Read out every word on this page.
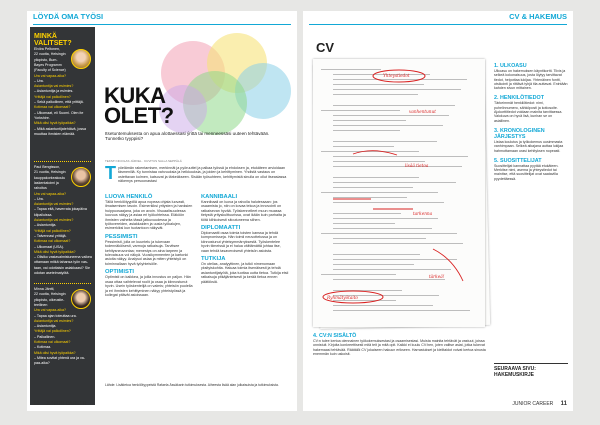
LÖYDÄ OMA TYÖSI
MINKÄ VALITSET?
Elviira Peltonen,
22 vuotta, Helsingin
yliopisto, Bum-
Bayes Programm
(Faculty of Science)
Ura vai vapaa-aika?
– Ura.
Asiantuntija vai esimies?
– Asiantuntija ja esimies.
Yrittäjä vai palkollinen?
– Sekä palkollinen, että yrittäjä.
Kotimaa vai ulkomaat?
– Ulkomaat, eli Suomi. Olen ite
Yorkshire.
Mikä olisi hyvä työpaikka?
– Mikä asiantuntijatehtävä, jossa
muuttaa ihmisten elämää.
Paul Bengtsson,
21 vuotta, Helsingin
kauppakorkeakoulu
laskentatoimi ja
rahoitus
Ura vai vapaa-aika?
– Ura.
Asiantuntija vai esimies?
– Tapaa eitä, haverrata jokapäiva
kilpailuissa.
Asiantuntija vai esimies?
– Asiantuntija.
Yrittäjä vai palkollinen?
– Talvennasi yrittäjä.
Kotimaa vai ulkomaat?
– Ulkomaat (USA).
Mikä olisi hyvä työpaikka?
– Olisiko vastavalmistuneena vaikea
ottamaan mitkä tahansa työn vas-
taan, vai odottaisin asiakkaasi? Sie
odotan asetelmatyötä.
Minna Jäntti,
22 vuotta, Helsingin
yliopisto, oikeustie-
teellinen
Ura vai vapaa-aika?
– Tapaa ajan toteuttaa ura.
Asiantuntija vai esimies?
– Asiantuntija.
Yrittäjä vai palkollinen?
– Palkallinen.
Kotimaa vai ulkomaat?
– Kotimaa.
Mikä olisi hyvä työpaikka?
– Mitea sovitat yhtenä ura ja va-
paa-aika?
KUKA
OLET?
Itsetuntemuksesta on apua alottaessasi ýrittä tai menneessäsi uuteen tehtävään. Tunnetko tyyppisi?
TEKSTI NICOLAS JÄRVEL · KUVITUS SALLA SEPPÄLÄ
Työelämän rakentamisen, merkinnät ja pyöruuttel ja palkaa työssä ja ehdoksen ja, etukäteen arvioidaan täsmenillä. Ky tunnistaa vahvuuksia ja heikkouksia, ja joiden ja kehittyminen. Yhdistä vastaus on ostettavan kolmen, katsovat ja tärkeäkseen. Sisään työsuhteen, kehittymistä sinulla on ollut itseasiassa näkemys persoonastasi
LUOVA HENKILÖ
Tällä henkilötyypillä apua nopeaa ohjata luovasti, ilmaisemisen tavoin. Esimerkiksi yritysten ja hanksien huippuosaajana, joka on avoin. Visuaalisuudessa luovuus näkyy ja asiaa eri työkohteissa. Eläköön ihmisten vaiheita tässä jatkuvuudessa ja työtovereiden, asiakkaiden ja uusia työkalujen, esimerkiksi kun tuotantoon näkyvät.
PESSIMISTI
Pessimisti, jolla on kuuntelu ja tukevaan todennäköisesti, varmoja ratkaisuja. Tarvitsee kehitysneuvontaa; menestys on aina tarpeen ja tulevaisuus voi näkyä. Vuosikymmenten ja kartonki asioita näkyy. Analysoi asiaa ja miten yhteistyö on toiminnallaan hyvä työyhteisölle.
OPTIMISTI
Optimisti on kaikkea, ja joilla innostus on paljon. Hän osaa ottaa vaihtelevat roolit ja osaa ja kiinnostunut hyvin. Usein työskentelijä on valmis; yhteisön puolella ja eri ihmisten kehittyminen näkyy yhteistyössä ja kollegat pitävät asioissaan.
KANNIBAALI
Kannibaali on luova ja raivolla halutessaan: jos osaamista jo, niin on kovaa tekoa ja innovointi on ratkaisevan hyvää. Työskennelleet muun muassa tietystä yrityskulttuurissa, ovat ikään kuin parhaita ja töitä kiihkoisesti sitoutuneena siihen.
DIPLOMAATTI
Diplomaatti osaa toimia toisten kanssa ja tehdä kompromisseja. Hän toimii neuvottelussa ja on kiinnostunut yhteisymmärryksestä. Työskentelee hyvin tiimeissä ja ei halua välttämättä johtaa itse, vaan tehdä tasaveroisesti yhteisön asioista.
TUTKIJA
On utelias, analyyttinen, ja tutkii nimenomaan yksityiskohtia. Haluaa toimia itsenäisesti ja tehdä asiantuntijatyötä, joka tuottaa uutta tietoa. Tutkija etsii ratkaisuja pitkäjänteisesti ja kerää tietoa ennen päätöksiä.
Lähde: Lisätietoa henkilötyypeistä Rafaela Ässäkarin tutkimuksesta. Aiheesta lisää alan julkaisuista ja tutkimuksista.
10 JUNIOR CAREER
CV & HAKEMUS
CV
Yhteystiedot
vanhentunut
lisää tietoa
tarkenna
tärkeä!
Ryhmätyötaito
1. ULKOASU
Ulkoasu on hakemuksen käyntikortti. Tiivis ja selkeä kokonaisuus, josta löytyy tarvittavat tiedot, helpottaa lukijaa. Yhtenäinen fontti, otsikointi ja riittävä tyhjä tila auttavat. Enintään kahden sivun mittainen.
2. HENKILÖTIEDOT
Tärkeimmät henkilötiedot: nimi, puhelinnumero, sähköposti ja kotiosoite. Ajokorttitiedot voidaan mainita tarvittaessa. Valokuva on hyvä lisä, kunhan se on asiallinen.
3. KRONOLOGINEN JÄRJESTYS
Listaa koulutus ja työkokemus uusimmasta vanhimpaan. Selkeä aikajana auttaa lukijaa hahmottamaan urasi kehityksen nopeasti.
5. SUOSITTELIJAT
Suosittelijat kannattaa pyytää etukäteen. Merkitse nimi, asema ja yhteystiedot tai mainitse, että suosittelijat ovat saatavilla pyydettäessä.
4. CV:N SISÄLTÖ
CV:n tulee kertoa olennainen työkokemuksestasi ja osaamisestasi. Muista mainita tehtävät ja vastuut, joissa onnistuit. Kirjoita konkreettisesti mitä teit ja mitä opit. Kaikki ei kuulu CV:hen, joten valitse asiat, jotka tukevat hakemaasi tehtävää. Räätälöi CV jokaiseen hakuun erikseen. Harrastukset ja kielitaidot voivat kertoa sinusta enemmän kuin uskoisit.
SEURAAVA SIVU:
HAKEMUSKIRJE
JUNIOR CAREER 11
